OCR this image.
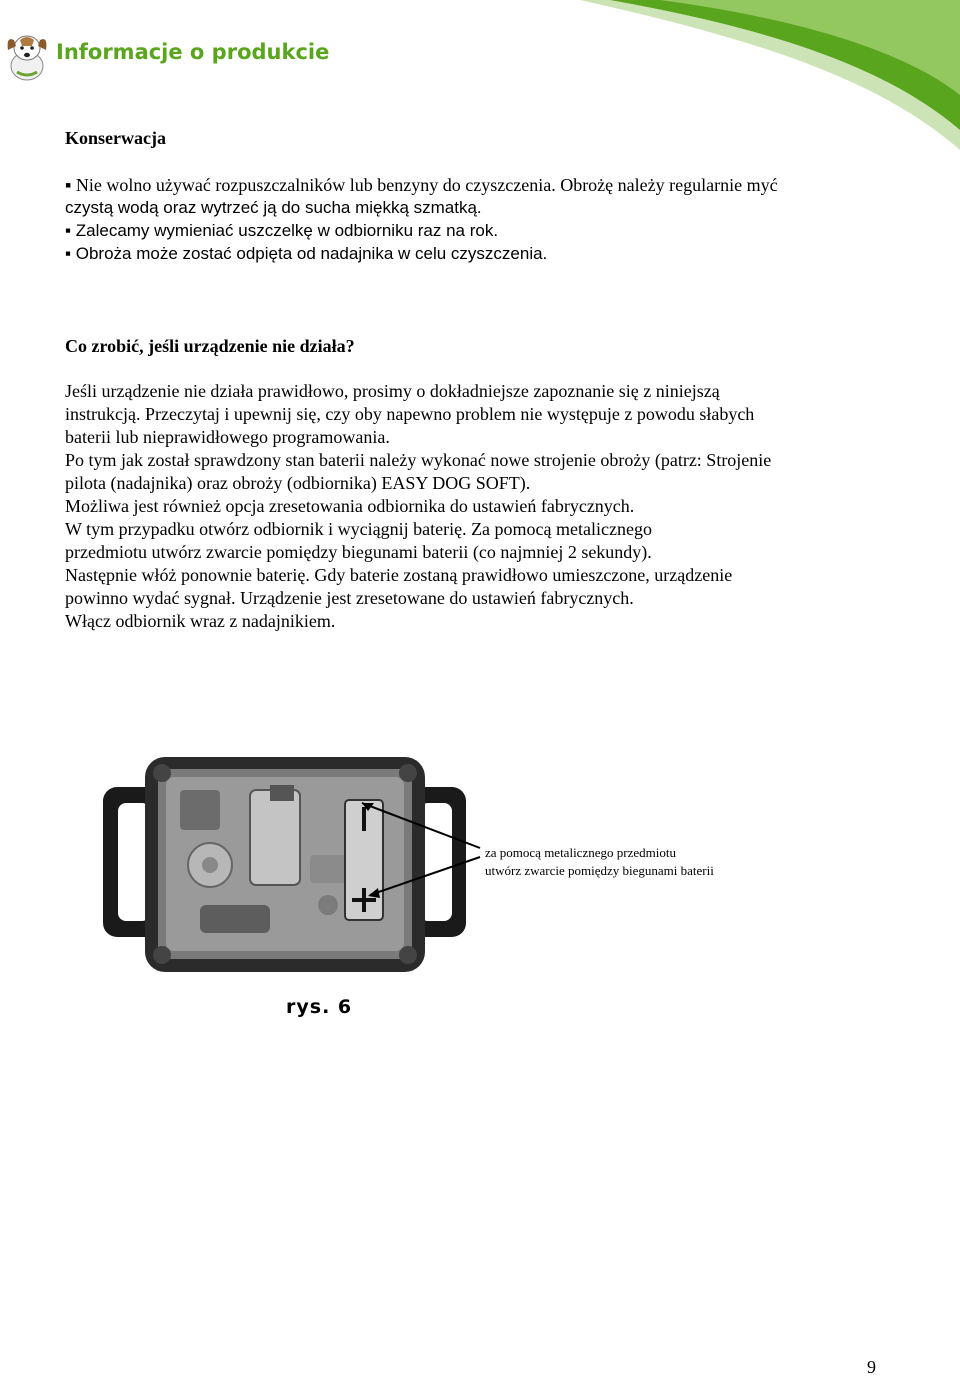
Informacje o produkcie
Konserwacja
▪ Nie wolno używać rozpuszczalników lub benzyny do czyszczenia. Obrożę należy regularnie myć
czystą wodą oraz wytrzeć ją do sucha miękką szmatką.
▪ Zalecamy wymieniać uszczelkę w odbiorniku raz na rok.
▪ Obroża może zostać odpięta od nadajnika w celu czyszczenia.
Co zrobić, jeśli urządzenie nie działa?
Jeśli urządzenie nie działa prawidłowo, prosimy o dokładniejsze zapoznanie się z niniejszą
instrukcją. Przeczytaj i upewnij się, czy oby napewno problem nie występuje z powodu słabych
baterii lub nieprawidłowego programowania.
Po tym jak został sprawdzony stan baterii należy wykonać nowe strojenie obroży (patrz: Strojenie
pilota (nadajnika) oraz obroży (odbiornika) EASY DOG SOFT).
Możliwa jest również opcja zresetowania odbiornika do ustawień fabrycznych.
W tym przypadku otwórz odbiornik i wyciągnij baterię. Za pomocą metalicznego
przedmiotu utwórz zwarcie pomiędzy biegunami baterii (co najmniej 2 sekundy).
Następnie włóż ponownie baterię. Gdy baterie zostaną prawidłowo umieszczone, urządzenie
powinno wydać sygnał. Urządzenie jest zresetowane do ustawień fabrycznych.
Włącz odbiornik wraz z nadajnikiem.
za pomocą metalicznego przedmiotu
utwórz zwarcie pomiędzy biegunami baterii
rys. 6
9
